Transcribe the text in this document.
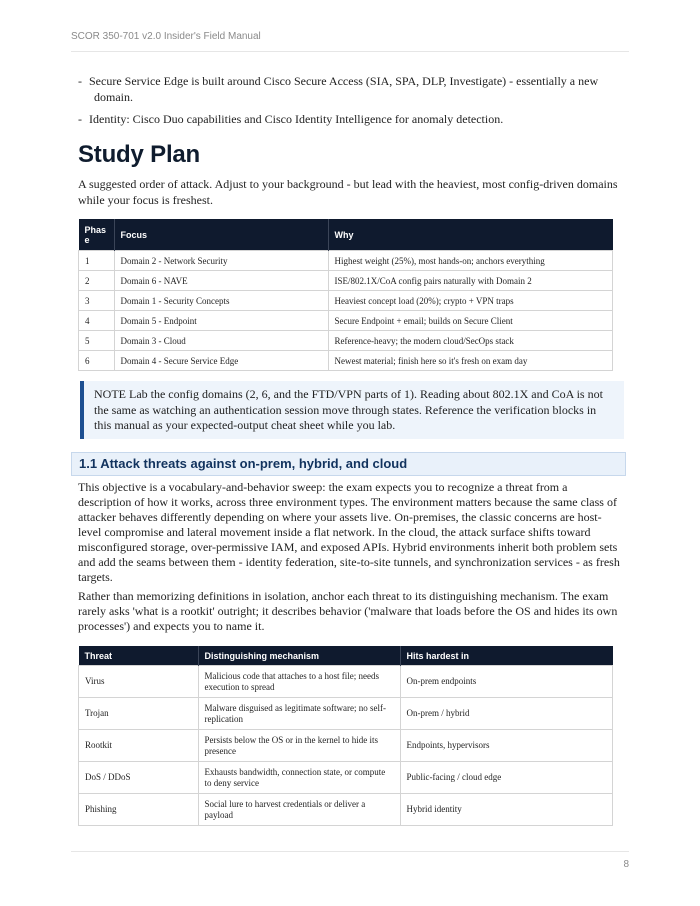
SCOR 350-701 v2.0 Insider's Field Manual
- Secure Service Edge is built around Cisco Secure Access (SIA, SPA, DLP, Investigate) - essentially a new
domain.
- Identity: Cisco Duo capabilities and Cisco Identity Intelligence for anomaly detection.
Study Plan

A suggested order of attack. Adjust to your background - but lead with the heaviest, most config-driven domains while your focus is freshest.

Phas e	Focus	Why
1	Domain 2 - Network Security	Highest weight (25%), most hands-on; anchors everything
2	Domain 6 - NAVE	ISE/802.1X/CoA config pairs naturally with Domain 2
3	Domain 1 - Security Concepts	Heaviest concept load (20%); crypto + VPN traps
4	Domain 5 - Endpoint	Secure Endpoint + email; builds on Secure Client
5	Domain 3 - Cloud	Reference-heavy; the modern cloud/SecOps stack
6	Domain 4 - Secure Service Edge	Newest material; finish here so it's fresh on exam day
NOTE Lab the config domains (2, 6, and the FTD/VPN parts of 1). Reading about 802.1X and CoA is not the same as watching an authentication session move through states. Reference the verification blocks in this manual as your expected-output cheat sheet while you lab.
1.1 Attack threats against on-prem, hybrid, and cloud

This objective is a vocabulary-and-behavior sweep: the exam expects you to recognize a threat from a description of how it works, across three environment types. The environment matters because the same class of attacker behaves differently depending on where your assets live. On-premises, the classic concerns are host-level compromise and lateral movement inside a flat network. In the cloud, the attack surface shifts toward misconfigured storage, over-permissive IAM, and exposed APIs. Hybrid environments inherit both problem sets and add the seams between them - identity federation, site-to-site tunnels, and synchronization services - as fresh targets.

Rather than memorizing definitions in isolation, anchor each threat to its distinguishing mechanism. The exam rarely asks 'what is a rootkit' outright; it describes behavior ('malware that loads before the OS and hides its own processes') and expects you to name it.

Threat	Distinguishing mechanism	Hits hardest in
Virus	Malicious code that attaches to a host file; needs execution to spread	On-prem endpoints
Trojan	Malware disguised as legitimate software; no self-replication	On-prem / hybrid
Rootkit	Persists below the OS or in the kernel to hide its presence	Endpoints, hypervisors
DoS / DDoS	Exhausts bandwidth, connection state, or compute to deny service	Public-facing / cloud edge
Phishing	Social lure to harvest credentials or deliver a payload	Hybrid identity
8
